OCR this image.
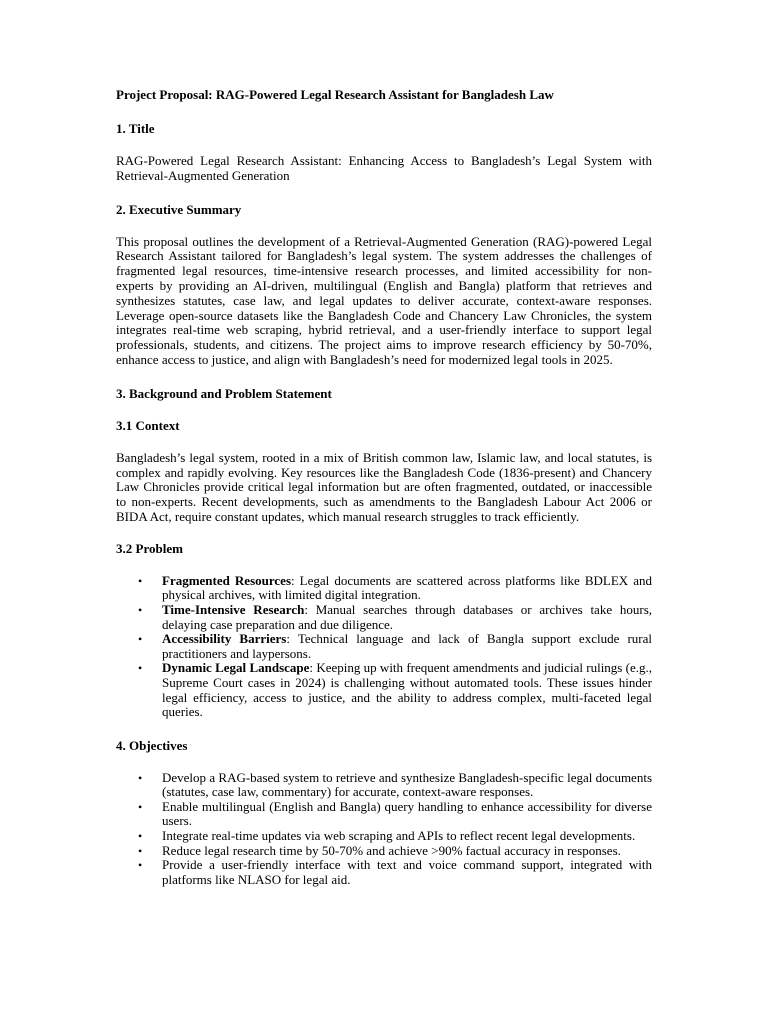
Project Proposal: RAG-Powered Legal Research Assistant for Bangladesh Law
1. Title

RAG-Powered Legal Research Assistant: Enhancing Access to Bangladesh’s Legal System with Retrieval-Augmented Generation

2. Executive Summary

This proposal outlines the development of a Retrieval-Augmented Generation (RAG)-powered Legal Research Assistant tailored for Bangladesh’s legal system. The system addresses the challenges of fragmented legal resources, time-intensive research processes, and limited accessibility for non-experts by providing an AI-driven, multilingual (English and Bangla) platform that retrieves and synthesizes statutes, case law, and legal updates to deliver accurate, context-aware responses. Leverage open-source datasets like the Bangladesh Code and Chancery Law Chronicles, the system integrates real-time web scraping, hybrid retrieval, and a user-friendly interface to support legal professionals, students, and citizens. The project aims to improve research efficiency by 50-70%, enhance access to justice, and align with Bangladesh’s need for modernized legal tools in 2025.

3. Background and Problem Statement
3.1 Context

Bangladesh’s legal system, rooted in a mix of British common law, Islamic law, and local statutes, is complex and rapidly evolving. Key resources like the Bangladesh Code (1836-present) and Chancery Law Chronicles provide critical legal information but are often fragmented, outdated, or inaccessible to non-experts. Recent developments, such as amendments to the Bangladesh Labour Act 2006 or BIDA Act, require constant updates, which manual research struggles to track efficiently.

3.2 Problem
• Fragmented Resources: Legal documents are scattered across platforms like BDLEX and physical archives, with limited digital integration.
• Time-Intensive Research: Manual searches through databases or archives take hours, delaying case preparation and due diligence.
• Accessibility Barriers: Technical language and lack of Bangla support exclude rural practitioners and laypersons.
• Dynamic Legal Landscape: Keeping up with frequent amendments and judicial rulings (e.g., Supreme Court cases in 2024) is challenging without automated tools. These issues hinder legal efficiency, access to justice, and the ability to address complex, multi-faceted legal queries.
4. Objectives
• Develop a RAG-based system to retrieve and synthesize Bangladesh-specific legal documents (statutes, case law, commentary) for accurate, context-aware responses.
• Enable multilingual (English and Bangla) query handling to enhance accessibility for diverse users.
• Integrate real-time updates via web scraping and APIs to reflect recent legal developments.
• Reduce legal research time by 50-70% and achieve >90% factual accuracy in responses.
• Provide a user-friendly interface with text and voice command support, integrated with platforms like NLASO for legal aid.
